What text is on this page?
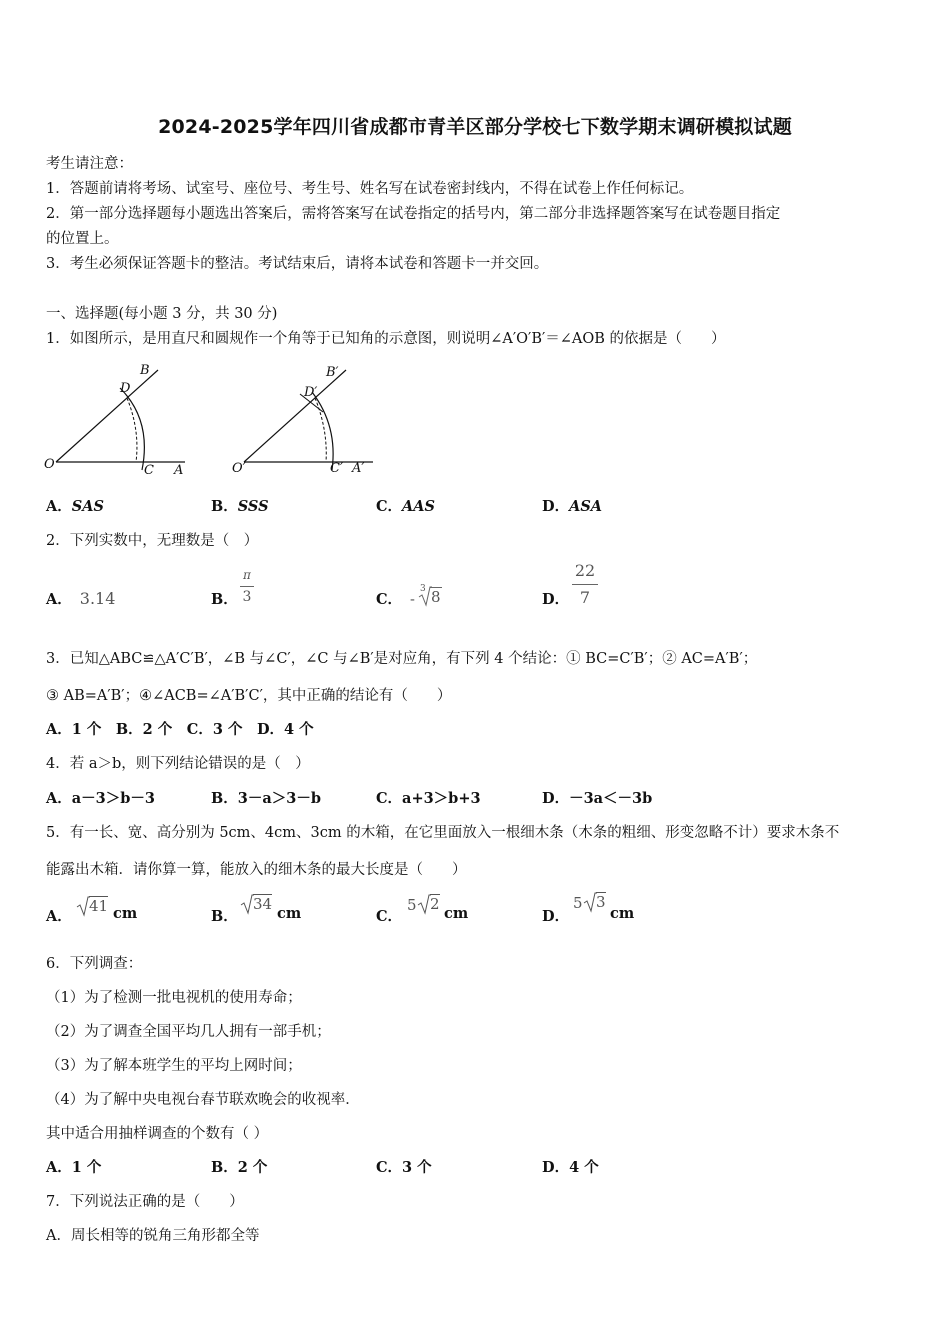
2024-2025学年四川省成都市青羊区部分学校七下数学期末调研模拟试题
考生请注意：
1．答题前请将考场、试室号、座位号、考生号、姓名写在试卷密封线内，不得在试卷上作任何标记。
2．第一部分选择题每小题选出答案后，需将答案写在试卷指定的括号内，第二部分非选择题答案写在试卷题目指定
的位置上。
3．考生必须保证答题卡的整洁。考试结束后，请将本试卷和答题卡一并交回。
一、选择题(每小题 3 分，共 30 分)
1．如图所示，是用直尺和圆规作一个角等于已知角的示意图，则说明∠A′O′B′＝∠AOB 的依据是（　　）
O	A
B
C
D
O′	A′
B′
C′
D′
A．SAS	B．SSS	C．AAS	D．ASA
2．下列实数中，无理数是（　）
A． 3.14	B．
π
3	C． -
3 8	D．
22
7
3．已知△ABC≌△A′C′B′，∠B 与∠C′，∠C 与∠B′是对应角，有下列 4 个结论：① BC=C′B′；② AC=A′B′；
③ AB=A′B′；④∠ACB=∠A′B′C′，其中正确的结论有（　　）
A．1 个　B．2 个　C．3 个　D．4 个
4．若 a＞b，则下列结论错误的是（　）
A．a－3＞b－3	B．3－a＞3－b	C．a+3＞b+3	D．－3a＜－3b
5．有一长、宽、高分别为 5cm、4cm、3cm 的木箱，在它里面放入一根细木条（木条的粗细、形变忽略不计）要求木条不
能露出木箱．请你算一算，能放入的细木条的最大长度是（　　）
A．
41 cm	B．
34
cm	C．
5 2
cm	D．
5 3
cm
6．下列调查：
（1）为了检测一批电视机的使用寿命；
（2）为了调查全国平均几人拥有一部手机；
（3）为了解本班学生的平均上网时间；
（4）为了解中央电视台春节联欢晚会的收视率．
其中适合用抽样调查的个数有（ ）
A．1 个	B．2 个	C．3 个	D．4 个
7．下列说法正确的是（　　）
A．周长相等的锐角三角形都全等
